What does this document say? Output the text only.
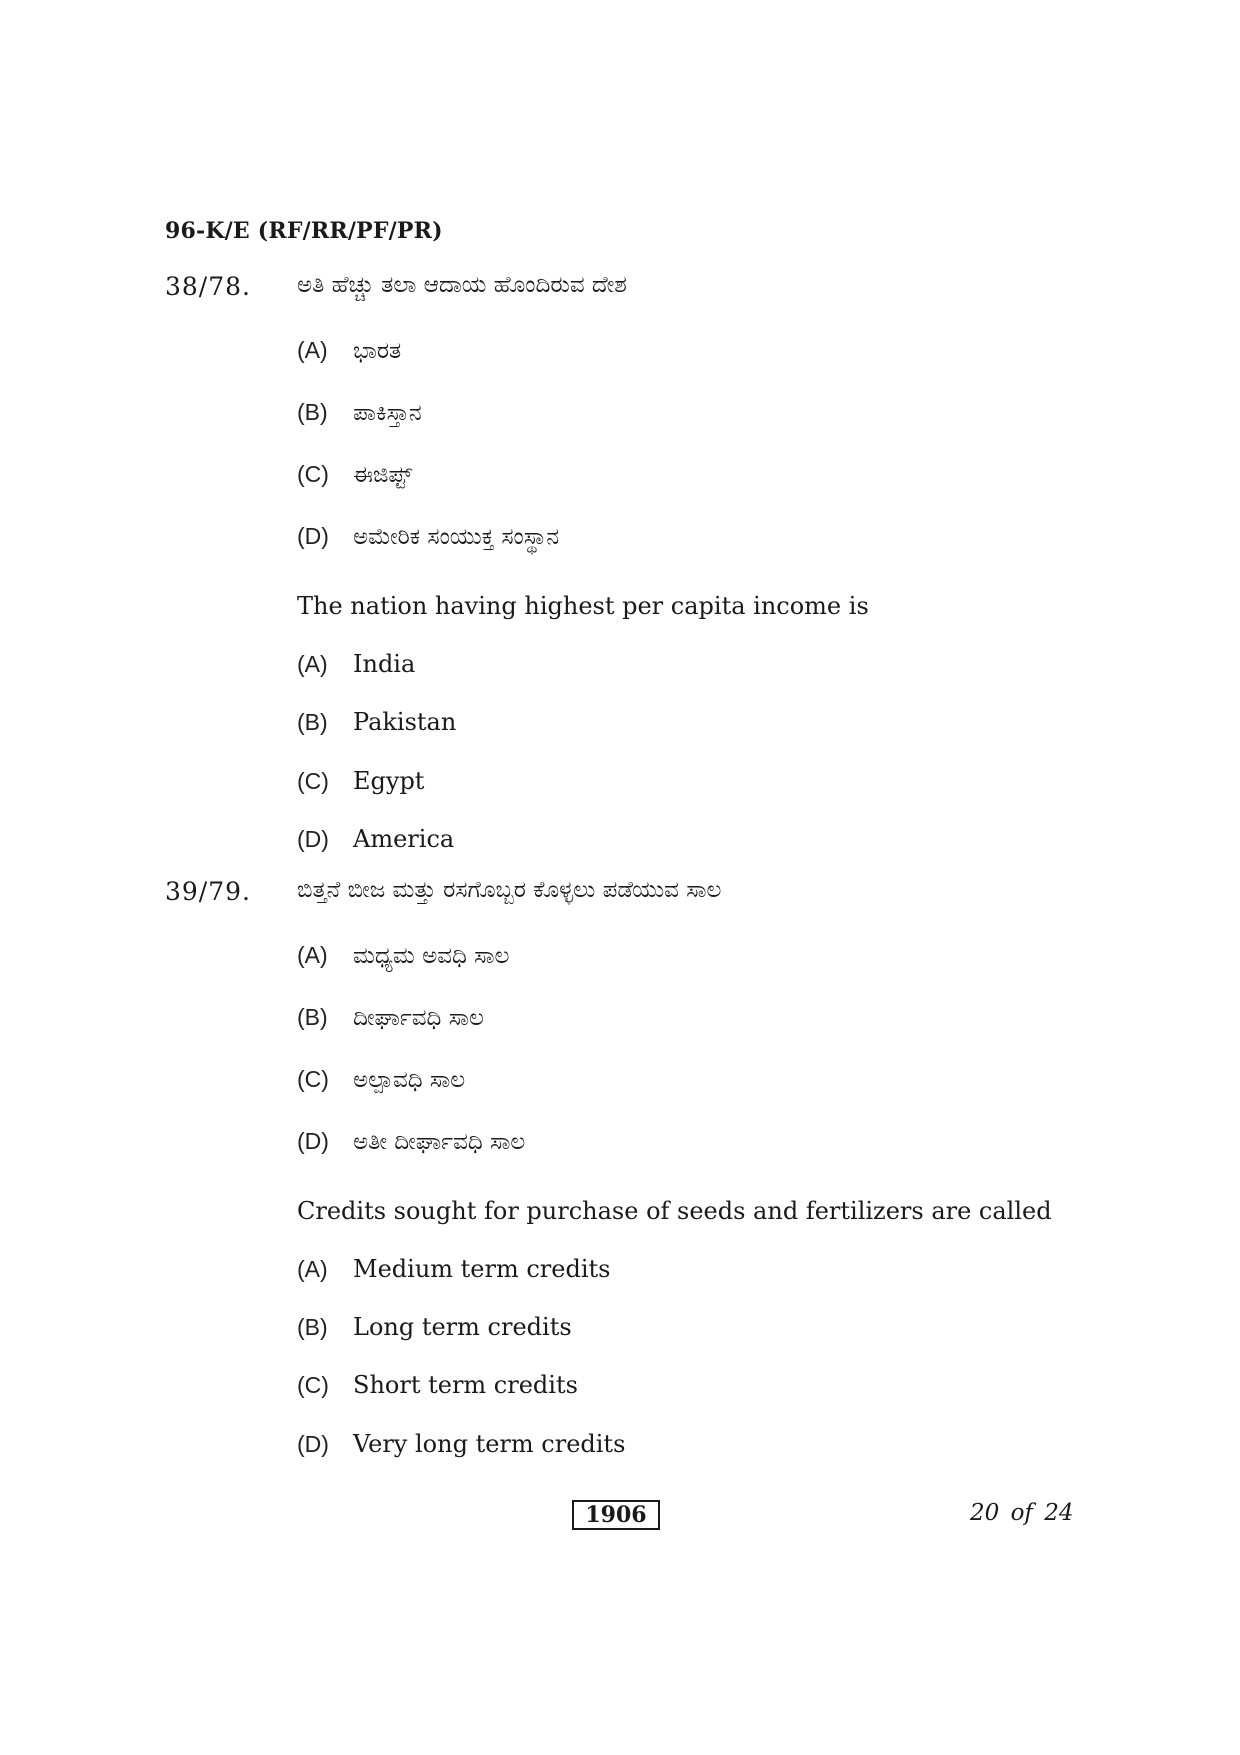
96-K/E (RF/RR/PF/PR)
38/78. ಅತಿ ಹೆಚ್ಚು ತಲಾ ಆದಾಯ ಹೊಂದಿರುವ ದೇಶ
(A) ಭಾರತ
(B) ಪಾಕಿಸ್ತಾನ
(C) ಈಜಿಪ್ಟ್
(D) ಅಮೇರಿಕ ಸಂಯುಕ್ತ ಸಂಸ್ಥಾನ
The nation having highest per capita income is
(A) India
(B) Pakistan
(C) Egypt
(D) America
39/79. ಬಿತ್ತನೆ ಬೀಜ ಮತ್ತು ರಸಗೊಬ್ಬರ ಕೊಳ್ಳಲು ಪಡೆಯುವ ಸಾಲ
(A) ಮಧ್ಯಮ ಅವಧಿ ಸಾಲ
(B) ದೀರ್ಘಾವಧಿ ಸಾಲ
(C) ಅಲ್ಪಾವಧಿ ಸಾಲ
(D) ಅತೀ ದೀರ್ಘಾವಧಿ ಸಾಲ
Credits sought for purchase of seeds and fertilizers are called
(A) Medium term credits
(B) Long term credits
(C) Short term credits
(D) Very long term credits
1906	20 of 24
